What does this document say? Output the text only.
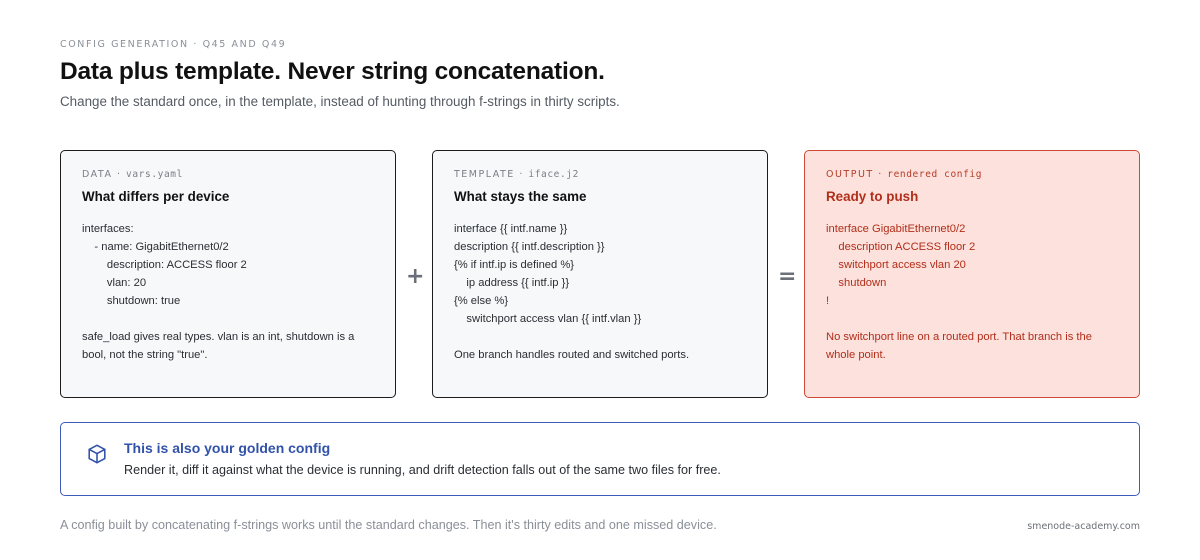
CONFIG GENERATION · Q45 AND Q49
Data plus template. Never string concatenation.

Change the standard once, in the template, instead of hunting through f-strings in thirty scripts.

DATA · vars.yaml
What differs per device
interfaces:
- name: GigabitEthernet0/2
description: ACCESS floor 2
vlan: 20
shutdown: true
safe_load gives real types. vlan is an int, shutdown is a bool, not the string "true".
+
TEMPLATE · iface.j2
What stays the same
interface {{ intf.name }}
description {{ intf.description }}
{% if intf.ip is defined %}
ip address {{ intf.ip }}
{% else %}
switchport access vlan {{ intf.vlan }}
One branch handles routed and switched ports.
=
OUTPUT · rendered config
Ready to push
interface GigabitEthernet0/2
description ACCESS floor 2
switchport access vlan 20
shutdown
!
No switchport line on a routed port. That branch is the whole point.
This is also your golden config
Render it, diff it against what the device is running, and drift detection falls out of the same two files for free.
A config built by concatenating f-strings works until the standard changes. Then it's thirty edits and one missed device.	smenode-academy.com
